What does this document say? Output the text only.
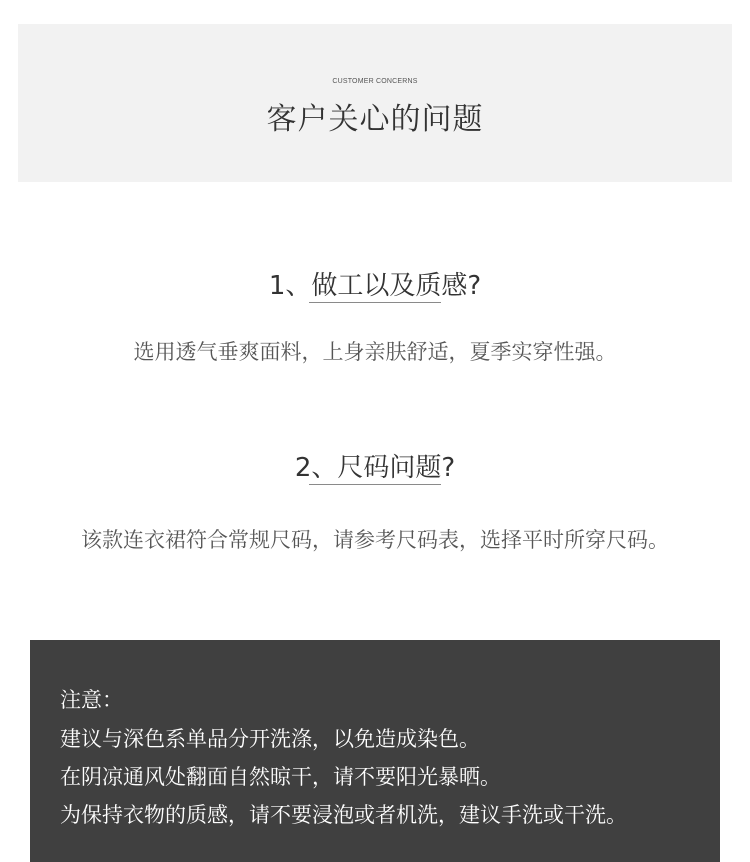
CUSTOMER CONCERNS
客户关心的问题
1、做工以及质感?
选用透气垂爽面料，上身亲肤舒适，夏季实穿性强。
2、尺码问题?
该款连衣裙符合常规尺码，请参考尺码表，选择平时所穿尺码。
注意：
建议与深色系单品分开洗涤，以免造成染色。
在阴凉通风处翻面自然晾干，请不要阳光暴晒。
为保持衣物的质感，请不要浸泡或者机洗，建议手洗或干洗。
